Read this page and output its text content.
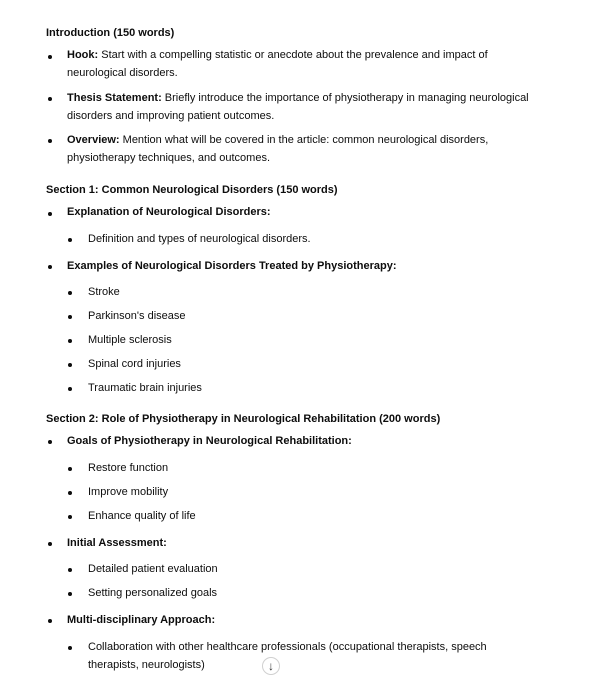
Introduction (150 words)
Hook: Start with a compelling statistic or anecdote about the prevalence and impact of neurological disorders.
Thesis Statement: Briefly introduce the importance of physiotherapy in managing neurological disorders and improving patient outcomes.
Overview: Mention what will be covered in the article: common neurological disorders, physiotherapy techniques, and outcomes.
Section 1: Common Neurological Disorders (150 words)
Explanation of Neurological Disorders:
Definition and types of neurological disorders.
Examples of Neurological Disorders Treated by Physiotherapy:
Stroke
Parkinson's disease
Multiple sclerosis
Spinal cord injuries
Traumatic brain injuries
Section 2: Role of Physiotherapy in Neurological Rehabilitation (200 words)
Goals of Physiotherapy in Neurological Rehabilitation:
Restore function
Improve mobility
Enhance quality of life
Initial Assessment:
Detailed patient evaluation
Setting personalized goals
Multi-disciplinary Approach:
Collaboration with other healthcare professionals (occupational therapists, speech therapists, neurologists)	↓
